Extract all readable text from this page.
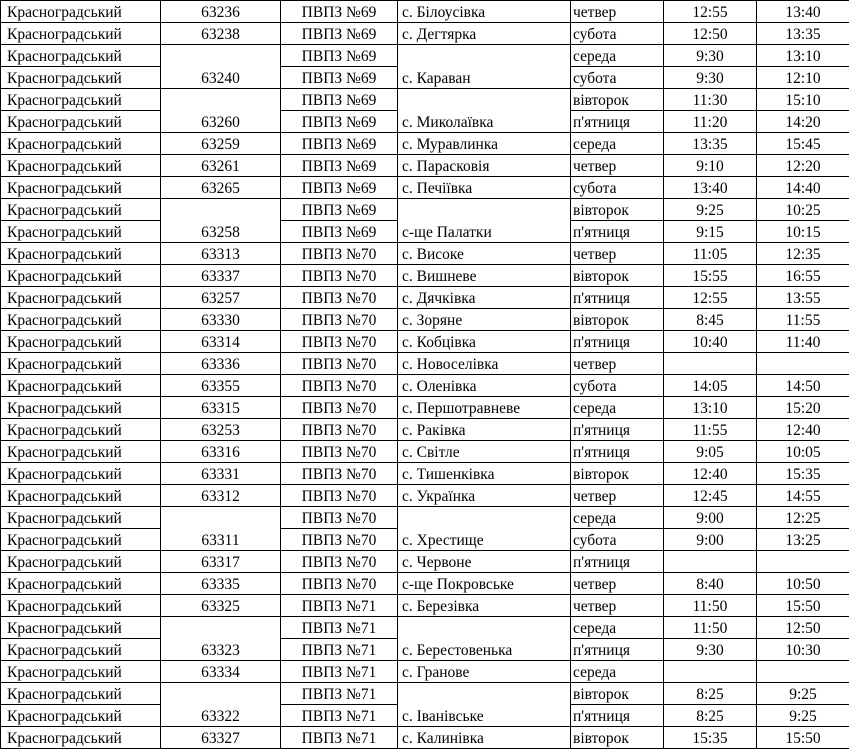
Красноградський	63236	ПВПЗ №69	с. Білоусівка	четвер	12:55	13:40
Красноградський	63238	ПВПЗ №69	с. Дегтярка	субота	12:50	13:35
Красноградський		ПВПЗ №69		середа	9:30	13:10
Красноградський	63240	ПВПЗ №69	с. Караван	субота	9:30	12:10
Красноградський		ПВПЗ №69		вівторок	11:30	15:10
Красноградський	63260	ПВПЗ №69	с. Миколаївка	п'ятниця	11:20	14:20
Красноградський	63259	ПВПЗ №69	с. Муравлинка	середа	13:35	15:45
Красноградський	63261	ПВПЗ №69	с. Парасковія	четвер	9:10	12:20
Красноградський	63265	ПВПЗ №69	с. Печіївка	субота	13:40	14:40
Красноградський		ПВПЗ №69		вівторок	9:25	10:25
Красноградський	63258	ПВПЗ №69	с-ще Палатки	п'ятниця	9:15	10:15
Красноградський	63313	ПВПЗ №70	с. Високе	четвер	11:05	12:35
Красноградський	63337	ПВПЗ №70	с. Вишневе	вівторок	15:55	16:55
Красноградський	63257	ПВПЗ №70	с. Дячківка	п'ятниця	12:55	13:55
Красноградський	63330	ПВПЗ №70	с. Зоряне	вівторок	8:45	11:55
Красноградський	63314	ПВПЗ №70	с. Кобцівка	п'ятниця	10:40	11:40
Красноградський	63336	ПВПЗ №70	с. Новоселівка	четвер		
Красноградський	63355	ПВПЗ №70	с. Оленівка	субота	14:05	14:50
Красноградський	63315	ПВПЗ №70	с. Першотравневе	середа	13:10	15:20
Красноградський	63253	ПВПЗ №70	с. Ракiвка	п'ятниця	11:55	12:40
Красноградський	63316	ПВПЗ №70	с. Світле	п'ятниця	9:05	10:05
Красноградський	63331	ПВПЗ №70	с. Тишенківка	вівторок	12:40	15:35
Красноградський	63312	ПВПЗ №70	с. Українка	четвер	12:45	14:55
Красноградський		ПВПЗ №70		середа	9:00	12:25
Красноградський	63311	ПВПЗ №70	с. Хрестище	субота	9:00	13:25
Красноградський	63317	ПВПЗ №70	с. Червоне	п'ятниця		
Красноградський	63335	ПВПЗ №70	с-ще Покровське	четвер	8:40	10:50
Красноградський	63325	ПВПЗ №71	с. Березівка	четвер	11:50	15:50
Красноградський		ПВПЗ №71		середа	11:50	12:50
Красноградський	63323	ПВПЗ №71	с. Берестовенька	п'ятниця	9:30	10:30
Красноградський	63334	ПВПЗ №71	с. Гранове	середа		
Красноградський		ПВПЗ №71		вівторок	8:25	9:25
Красноградський	63322	ПВПЗ №71	с. Іванівське	п'ятниця	8:25	9:25
Красноградський	63327	ПВПЗ №71	с. Калинівка	вівторок	15:35	15:50
